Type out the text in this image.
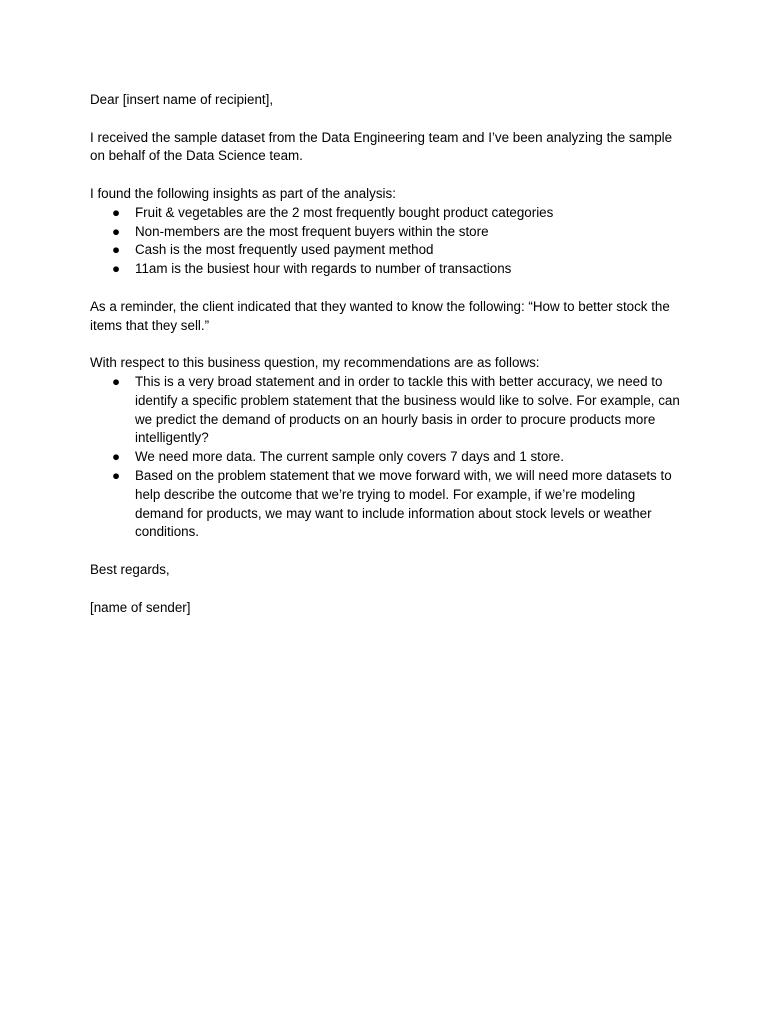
Dear [insert name of recipient],

I received the sample dataset from the Data Engineering team and I’ve been analyzing the sample on behalf of the Data Science team.

I found the following insights as part of the analysis:

● Fruit & vegetables are the 2 most frequently bought product categories
● Non-members are the most frequent buyers within the store
● Cash is the most frequently used payment method
● 11am is the busiest hour with regards to number of transactions

As a reminder, the client indicated that they wanted to know the following: “How to better stock the items that they sell.”

With respect to this business question, my recommendations are as follows:

● This is a very broad statement and in order to tackle this with better accuracy, we need to identify a specific problem statement that the business would like to solve. For example, can we predict the demand of products on an hourly basis in order to procure products more intelligently?
● We need more data. The current sample only covers 7 days and 1 store.
● Based on the problem statement that we move forward with, we will need more datasets to help describe the outcome that we’re trying to model. For example, if we’re modeling demand for products, we may want to include information about stock levels or weather conditions.

Best regards,

[name of sender]
